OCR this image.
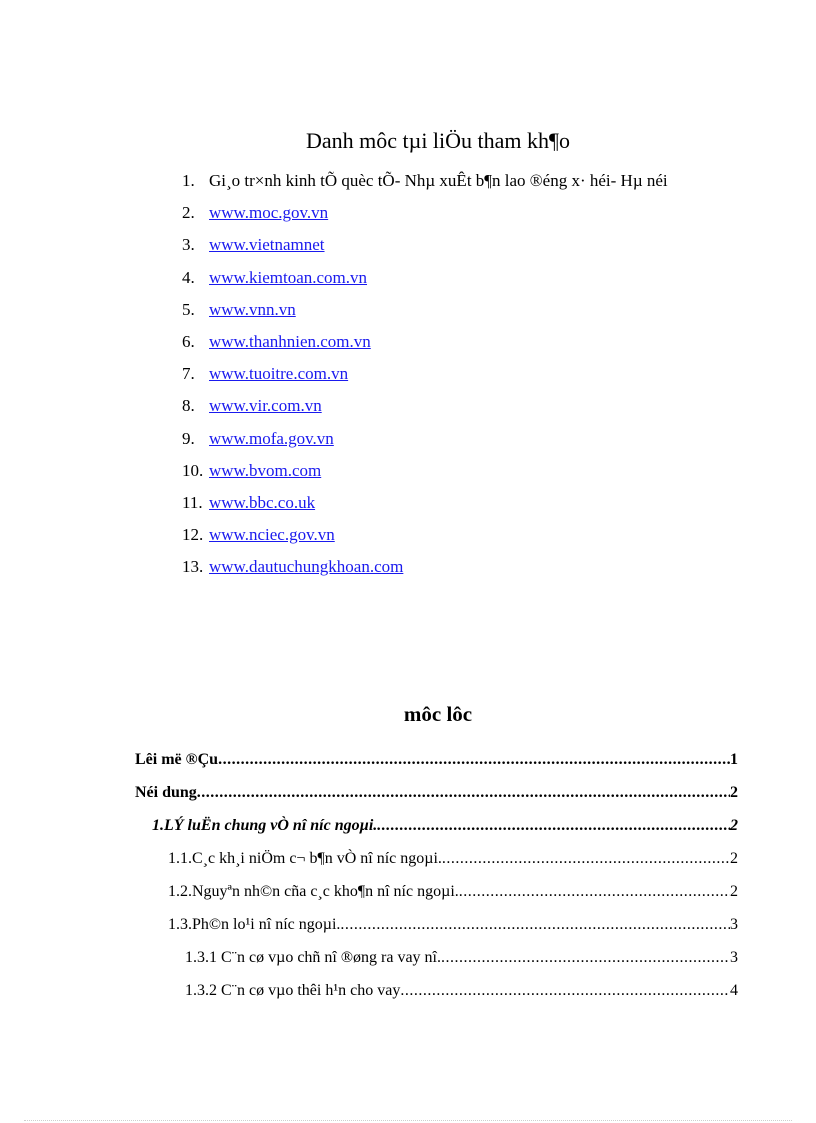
Danh môc tµi liÖu tham kh¶o
1. Gi¸o tr×nh kinh tÕ quèc tÕ- Nhµ xuÊt b¶n lao ®éng x· héi- Hµ néi
2. www.moc.gov.vn
3. www.vietnamnet
4. www.kiemtoan.com.vn
5. www.vnn.vn
6. www.thanhnien.com.vn
7. www.tuoitre.com.vn
8. www.vir.com.vn
9. www.mofa.gov.vn
10. www.bvom.com
11. www.bbc.co.uk
12. www.nciec.gov.vn
13. www.dautuchungkhoan.com
môc lôc
Lêi më ®Çu .....	1
Néi dung .....	2
1.LÝ luËn chung vÒ nî níc ngoµi. .....	2
1.1.C¸c kh¸i niÖm c¬ b¶n vÒ nî níc ngoµi. .....	2
1.2.Nguyªn nh©n cña c¸c kho¶n nî níc ngoµi. .....	2
1.3.Ph©n lo¹i nî níc ngoµi. .....	3
1.3.1 C¨n cø vµo chñ nî ®øng ra vay nî. .....	3
1.3.2 C¨n cø vµo thêi h¹n cho vay .....	4
